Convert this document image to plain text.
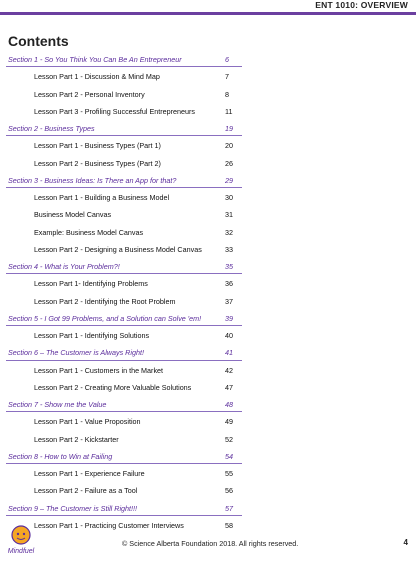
ENT 1010: OVERVIEW
Contents
Section 1 - So You Think You Can Be An Entrepreneur	6
Lesson Part 1 - Discussion & Mind Map	7
Lesson Part 2 - Personal Inventory	8
Lesson Part 3 - Profiling Successful Entrepreneurs	11
Section 2 - Business Types	19
Lesson Part 1 - Business Types (Part 1)	20
Lesson Part 2 - Business Types (Part 2)	26
Section 3 - Business Ideas: Is There an App for that?	29
Lesson Part 1 - Building a Business Model	30
Business Model Canvas	31
Example: Business Model Canvas	32
Lesson Part 2 - Designing a Business Model Canvas	33
Section 4 - What is Your Problem?!	35
Lesson Part 1- Identifying Problems	36
Lesson Part 2 - Identifying the Root Problem	37
Section 5 - I Got 99 Problems, and a Solution can Solve 'em!	39
Lesson Part 1 - Identifying Solutions	40
Section 6 – The Customer is Always Right!	41
Lesson Part 1 - Customers in the Market	42
Lesson Part 2 - Creating More Valuable Solutions	47
Section 7 - Show me the Value	48
Lesson Part 1 - Value Proposition	49
Lesson Part 2 - Kickstarter	52
Section 8 - How to Win at Failing	54
Lesson Part 1 - Experience Failure	55
Lesson Part 2 - Failure as a Tool	56
Section 9 – The Customer is Still Right!!!	57
Lesson Part 1 - Practicing Customer Interviews	58
Mindfuel
© Science Alberta Foundation 2018. All rights reserved.	4
